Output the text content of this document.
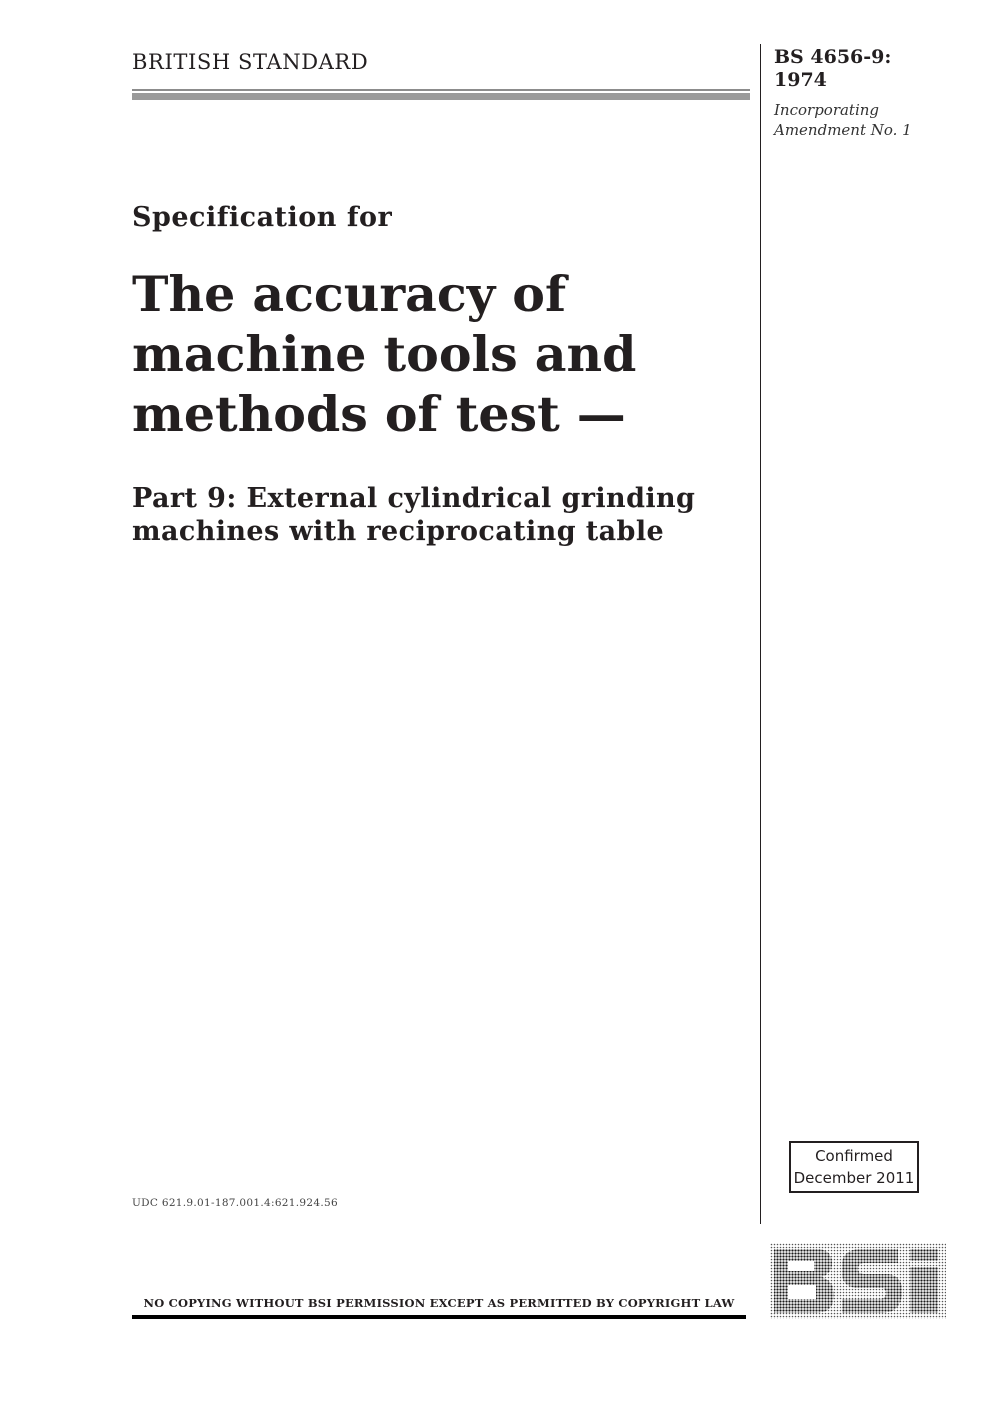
BRITISH STANDARD	BS 4656-9:
1974
Incorporating
Amendment No. 1
Specification for
The accuracy of
machine tools and
methods of test —
Part 9: External cylindrical grinding
machines with reciprocating table
Confirmed
December 2011
UDC 621.9.01-187.001.4:621.924.56
NO COPYING WITHOUT BSI PERMISSION EXCEPT AS PERMITTED BY COPYRIGHT LAW
